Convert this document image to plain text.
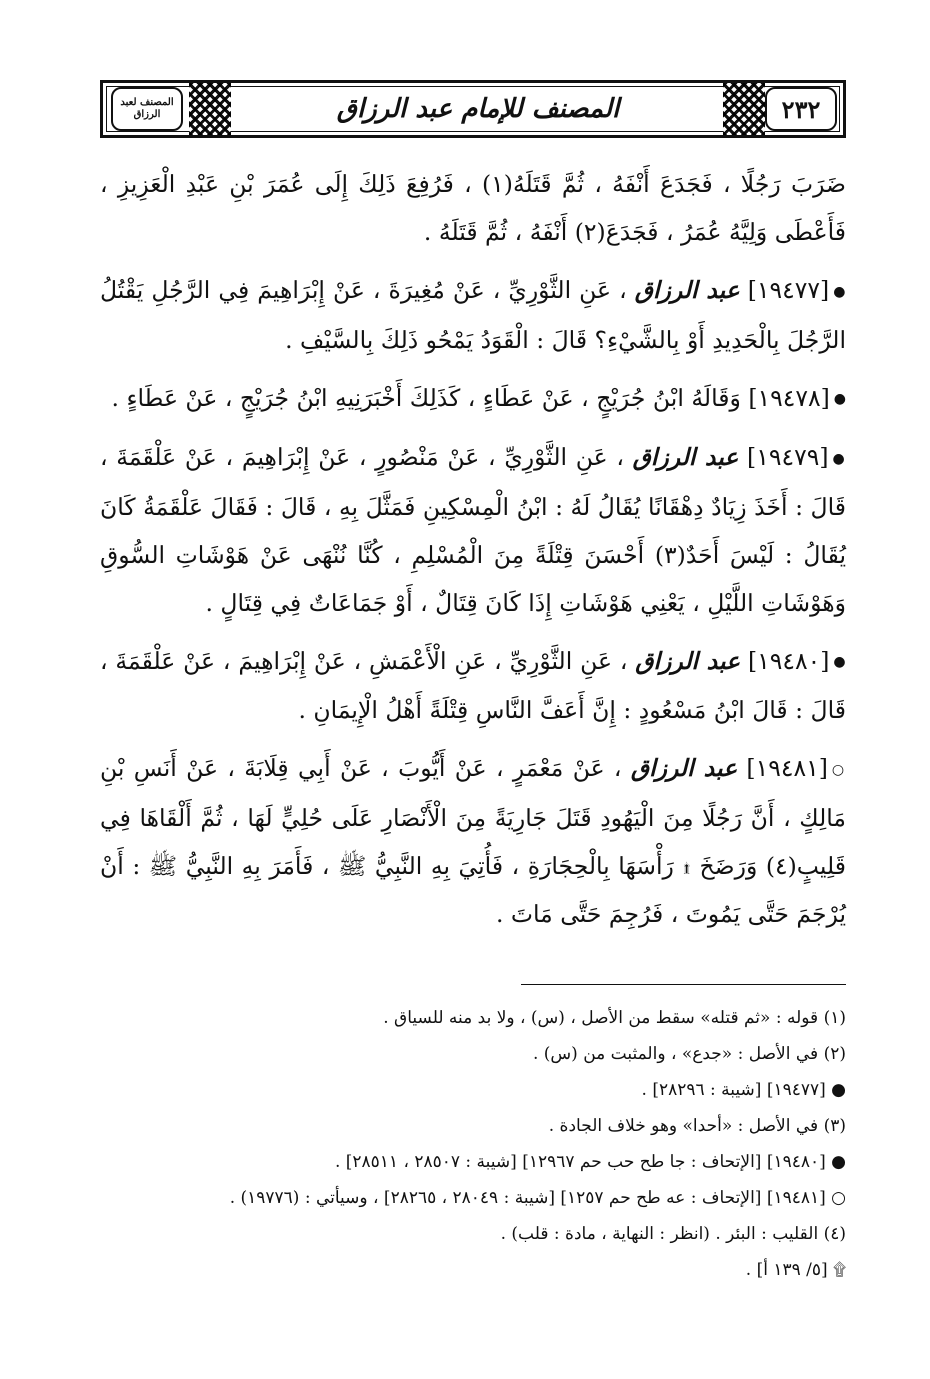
٢٣٢
المصنف للإمام عبد الرزاق
المصنف لعبد الرزاق

ضَرَبَ رَجُلًا ، فَجَدَعَ أَنْفَهُ ، ثُمَّ قَتَلَهُ(١) ، فَرُفِعَ ذَلِكَ إِلَى عُمَرَ بْنِ عَبْدِ الْعَزِيزِ ، فَأَعْطَى وَلِيَّهُ عُمَرُ ، فَجَدَعَ(٢) أَنْفَهُ ، ثُمَّ قَتَلَهُ .

●[١٩٤٧٧] عبد الرزاق ، عَنِ الثَّوْرِيِّ ، عَنْ مُغِيرَةَ ، عَنْ إِبْرَاهِيمَ فِي الرَّجُلِ يَقْتُلُ الرَّجُلَ بِالْحَدِيدِ أَوْ بِالشَّيْءِ؟ قَالَ : الْقَوَدُ يَمْحُو ذَلِكَ بِالسَّيْفِ .

●[١٩٤٧٨] وَقَالَهُ ابْنُ جُرَيْجٍ ، عَنْ عَطَاءٍ ، كَذَلِكَ أَخْبَرَنِيهِ ابْنُ جُرَيْجٍ ، عَنْ عَطَاءٍ .

●[١٩٤٧٩] عبد الرزاق ، عَنِ الثَّوْرِيِّ ، عَنْ مَنْصُورٍ ، عَنْ إِبْرَاهِيمَ ، عَنْ عَلْقَمَةَ ، قَالَ : أَخَذَ زِيَادٌ دِهْقَانًا يُقَالُ لَهُ : ابْنُ الْمِسْكِينِ فَمَثَّلَ بِهِ ، قَالَ : فَقَالَ عَلْقَمَةُ كَانَ يُقَالُ : لَيْسَ أَحَدٌ(٣) أَحْسَنَ قِتْلَةً مِنَ الْمُسْلِمِ ، كُنَّا نُنْهَى عَنْ هَوْشَاتِ السُّوقِ وَهَوْشَاتِ اللَّيْلِ ، يَعْنِي هَوْشَاتِ إِذَا كَانَ قِتَالٌ ، أَوْ جَمَاعَاتٌ فِي قِتَالٍ .

●[١٩٤٨٠] عبد الرزاق ، عَنِ الثَّوْرِيِّ ، عَنِ الْأَعْمَشِ ، عَنْ إِبْرَاهِيمَ ، عَنْ عَلْقَمَةَ ، قَالَ : قَالَ ابْنُ مَسْعُودٍ : إِنَّ أَعَفَّ النَّاسِ قِتْلَةً أَهْلُ الْإِيمَانِ .

○[١٩٤٨١] عبد الرزاق ، عَنْ مَعْمَرٍ ، عَنْ أَيُّوبَ ، عَنْ أَبِي قِلَابَةَ ، عَنْ أَنَسِ بْنِ مَالِكٍ ، أَنَّ رَجُلًا مِنَ الْيَهُودِ قَتَلَ جَارِيَةً مِنَ الْأَنْصَارِ عَلَى حُلِيٍّ لَهَا ، ثُمَّ أَلْقَاهَا فِي قَلِيبٍ(٤) وَرَضَخَ ۩ رَأْسَهَا بِالْحِجَارَةِ ، فَأُتِيَ بِهِ النَّبِيُّ ﷺ ، فَأَمَرَ بِهِ النَّبِيُّ ﷺ : أَنْ يُرْجَمَ حَتَّى يَمُوتَ ، فَرُجِمَ حَتَّى مَاتَ .

(١) قوله : «ثم قتله» سقط من الأصل ، (س) ، ولا بد منه للسياق .

(٢) في الأصل : «جدع» ، والمثبت من (س) .

● [١٩٤٧٧] [شيبة : ٢٨٢٩٦] .

(٣) في الأصل : «أحدا» وهو خلاف الجادة .

● [١٩٤٨٠] [الإتحاف : جا طح حب حم ١٢٩٦٧] [شيبة : ٢٨٥٠٧ ، ٢٨٥١١] .

○ [١٩٤٨١] [الإتحاف : عه طح حم ١٢٥٧] [شيبة : ٢٨٠٤٩ ، ٢٨٢٦٥] ، وسيأتي : (١٩٧٧٦) .

(٤) القليب : البئر . (انظر : النهاية ، مادة : قلب) .

۩ [٥/ ١٣٩ أ] .
